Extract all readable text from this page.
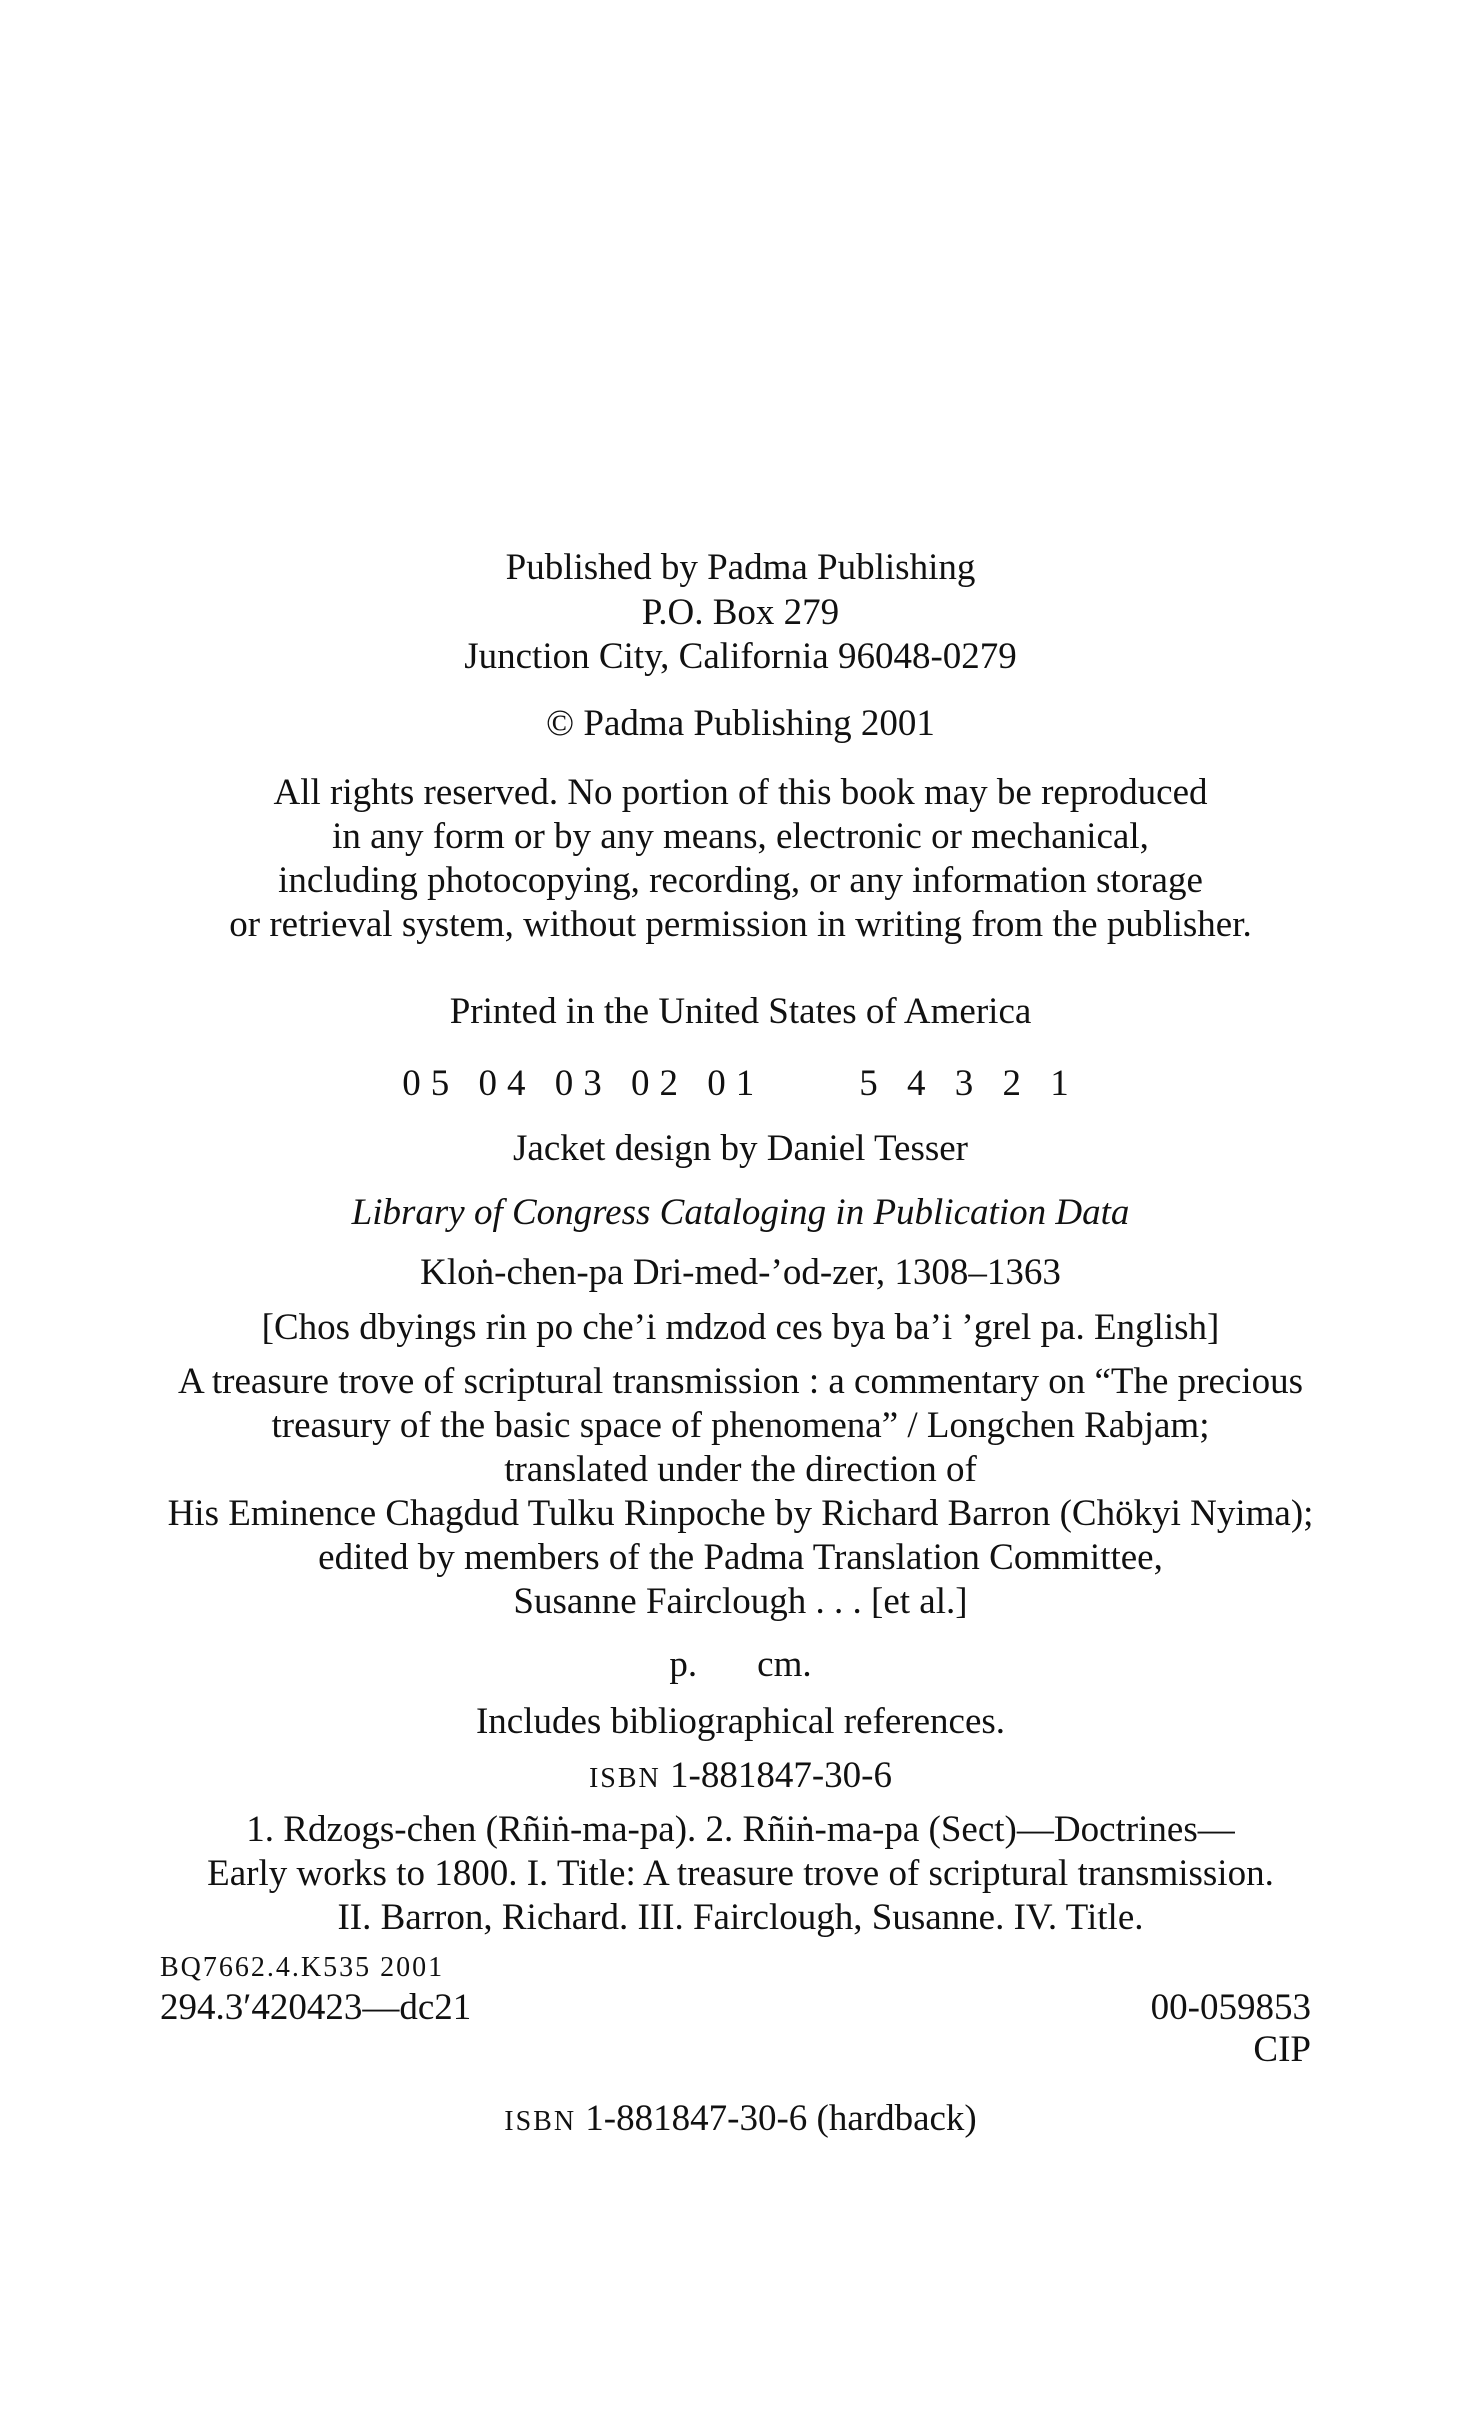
Published by Padma Publishing
P.O. Box 279
Junction City, California 96048-0279
© Padma Publishing 2001
All rights reserved. No portion of this book may be reproduced
in any form or by any means, electronic or mechanical,
including photocopying, recording, or any information storage
or retrieval system, without permission in writing from the publisher.
Printed in the United States of America
05 04 03 02 01	5 4 3 2 1
Jacket design by Daniel Tesser
Library of Congress Cataloging in Publication Data
Kloṅ-chen-pa Dri-med-’od-zer, 1308–1363
[Chos dbyings rin po che’i mdzod ces bya ba’i ’grel pa. English]
A treasure trove of scriptural transmission : a commentary on “The precious
treasury of the basic space of phenomena” / Longchen Rabjam;
translated under the direction of
His Eminence Chagdud Tulku Rinpoche by Richard Barron (Chökyi Nyima);
edited by members of the Padma Translation Committee,
Susanne Fairclough . . . [et al.]
p. cm.
Includes bibliographical references.
ISBN 1-881847-30-6
1. Rdzogs-chen (Rñiṅ-ma-pa). 2. Rñiṅ-ma-pa (Sect)—Doctrines—
Early works to 1800. I. Title: A treasure trove of scriptural transmission.
II. Barron, Richard. III. Fairclough, Susanne. IV. Title.
BQ7662.4.K535 2001
294.3′420423—dc21	00-059853
CIP
ISBN 1-881847-30-6 (hardback)
